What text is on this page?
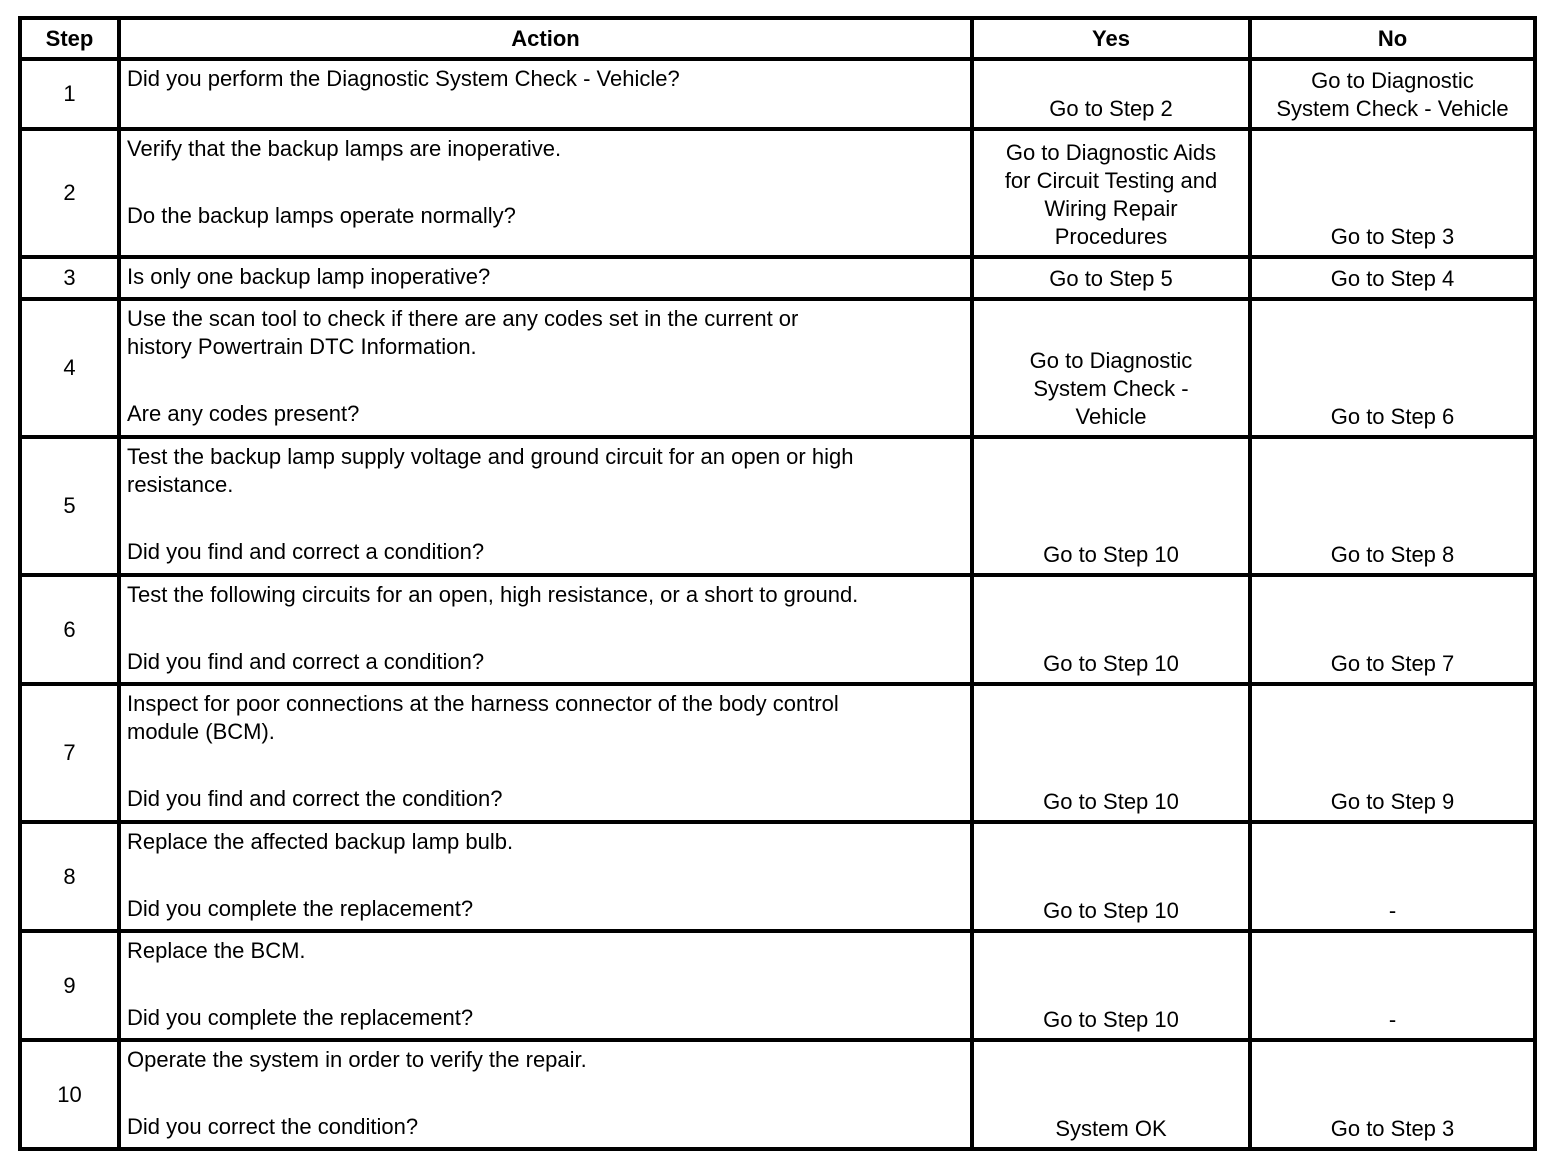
Step	Action	Yes	No
1	Did you perform the Diagnostic System Check - Vehicle?	Go to Step 2	Go to Diagnostic
System Check - Vehicle

2	Verify that the backup lamps are inoperative.
Do the backup lamps operate normally?	Go to Diagnostic Aids
for Circuit Testing and
Wiring Repair
Procedures	Go to Step 3

3	Is only one backup lamp inoperative?	Go to Step 5	Go to Step 4

4	Use the scan tool to check if there are any codes set in the current or
history Powertrain DTC Information.
Are any codes present?	Go to Diagnostic
System Check -
Vehicle	Go to Step 6

5	Test the backup lamp supply voltage and ground circuit for an open or high
resistance.
Did you find and correct a condition?	Go to Step 10	Go to Step 8

6	Test the following circuits for an open, high resistance, or a short to ground.
Did you find and correct a condition?	Go to Step 10	Go to Step 7

7	Inspect for poor connections at the harness connector of the body control
module (BCM).
Did you find and correct the condition?	Go to Step 10	Go to Step 9

8	Replace the affected backup lamp bulb.
Did you complete the replacement?	Go to Step 10	-

9	Replace the BCM.
Did you complete the replacement?	Go to Step 10	-

10	Operate the system in order to verify the repair.
Did you correct the condition?	System OK	Go to Step 3
